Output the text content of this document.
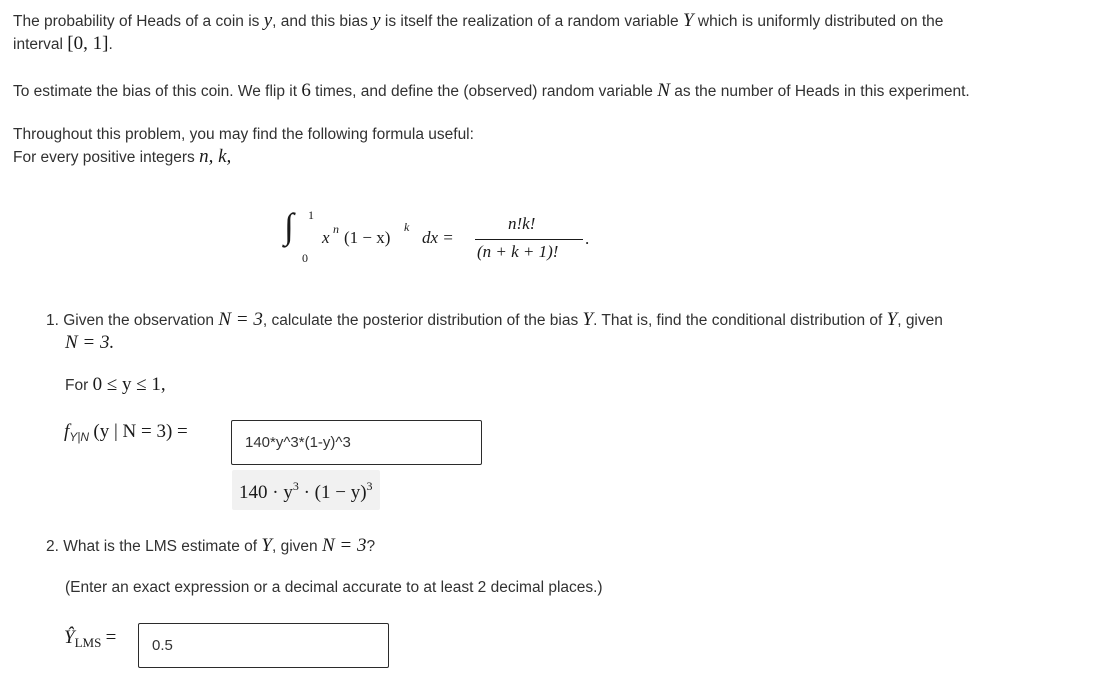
The probability of Heads of a coin is y, and this bias y is itself the realization of a random variable Y which is uniformly distributed on the
interval [0, 1].
To estimate the bias of this coin. We flip it 6 times, and define the (observed) random variable N as the number of Heads in this experiment.
Throughout this problem, you may find the following formula useful:
For every positive integers n, k,
∫ 1
0
x n (1 − x)
k
dx =
n!k!
(n + k + 1)!
.
1. Given the observation N = 3, calculate the posterior distribution of the bias Y. That is, find the conditional distribution of Y, given
N = 3.
For 0 ≤ y ≤ 1,
$f_{Y|N}$ (y | N = 3) =
140*y^3*(1-y)^3
$140 \cdot y^3 \cdot (1 - y)^3$
2. What is the LMS estimate of Y, given N = 3?
(Enter an exact expression or a decimal accurate to at least 2 decimal places.)
$Ŷ_{LMS}$ =
0.5
